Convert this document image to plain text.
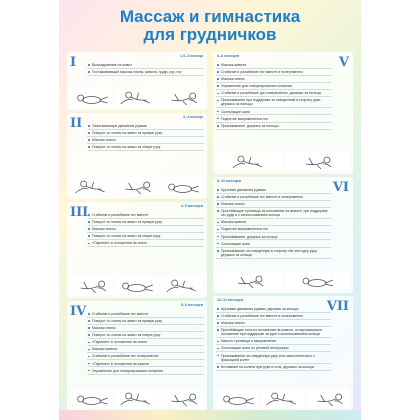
Массаж и гимнастика
для грудничков
I	1,5–3 месяца
Выкладывание на живот
Поглаживающий массаж спины, живота, груди, рук, ног
II	3–4 месяца
Охватывающие движения руками
Поворот со спины на живот за правую руку
Массаж спины
Поворот со спины на живот за левую руку
III	4–5 месяцев
Сгибание и разгибание ног вместе
Поворот со спины на живот за правую руку
Массаж спины
Поворот со спины на живот за левую руку
«Парение» в положении на спине
IV	5–6 месяцев
Сгибание и разгибание ног вместе
Поворот со спины на живот за правую руку
Массаж спины
Поворот со спины на живот за левую руку
«Парение» в положении на спине
Массаж живота
Сгибание и разгибание ног попеременно
«Парение» в положении на животе
Упражнение для стимулирования ползания
V
6–8 месяцев
Массаж живота
Сгибание и разгибание ног вместе и попеременно
Массаж спины
Упражнение для стимулирования ползания
Сгибание и разгибание рук попеременно, держась за пальцы
Присаживание при поддержке за отведенный в сторону руки, держась за пальцы
Скользящие шаги
Поднятие выпрямленных ног
Присаживание, держась за пальцы
VI
8–10 месяцев
Круговые движения руками
Сгибание и разгибание ног вместе и попеременно
Массаж спины
Прогибающие туловища из положения на животе, при поддержке за грудь и с использованием кольца
Массаж живота
Поднятие выпрямленных ног
Присаживание, держась за кольца
Скользящие шаги
Присаживание за отведенную в сторону обе или одну руку, держась за кольца
VII
10–12 месяцев
Круговые движения руками, держась за кольца
Сгибание и разгибание ног вместе и попеременно
Массаж спины
Прогибающие тела из положения на животе, по вертикальное положение при поддержке за руки с использованием кольца
Наклон туловища и выпрямление
Скользящие шаги по речевой инструкции
Присаживание за отведенную руку или самостоятельно с фиксацией колен
Вставание на колени при руке и стоя, держась за кольца
